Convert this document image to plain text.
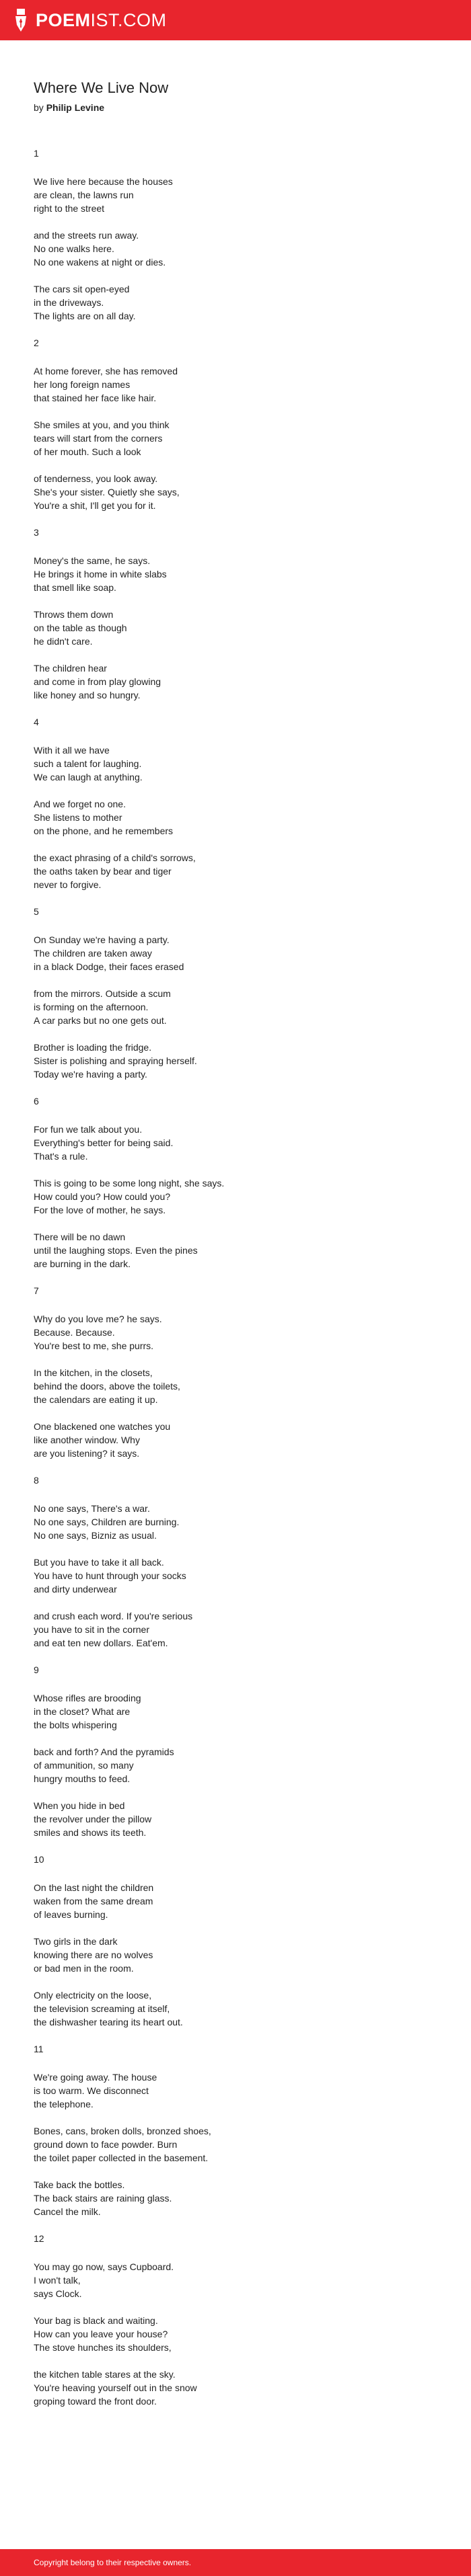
POEMIST.COM
Where We Live Now

by Philip Levine

1
We live here because the houses
are clean, the lawns run
right to the street
and the streets run away.
No one walks here.
No one wakens at night or dies.
The cars sit open-eyed
in the driveways.
The lights are on all day.
2
At home forever, she has removed
her long foreign names
that stained her face like hair.
She smiles at you, and you think
tears will start from the corners
of her mouth. Such a look
of tenderness, you look away.
She's your sister. Quietly she says,
You're a shit, I'll get you for it.
3
Money's the same, he says.
He brings it home in white slabs
that smell like soap.
Throws them down
on the table as though
he didn't care.
The children hear
and come in from play glowing
like honey and so hungry.
4
With it all we have
such a talent for laughing.
We can laugh at anything.
And we forget no one.
She listens to mother
on the phone, and he remembers
the exact phrasing of a child's sorrows,
the oaths taken by bear and tiger
never to forgive.
5
On Sunday we're having a party.
The children are taken away
in a black Dodge, their faces erased
from the mirrors. Outside a scum
is forming on the afternoon.
A car parks but no one gets out.
Brother is loading the fridge.
Sister is polishing and spraying herself.
Today we're having a party.
6
For fun we talk about you.
Everything's better for being said.
That's a rule.
This is going to be some long night, she says.
How could you? How could you?
For the love of mother, he says.
There will be no dawn
until the laughing stops. Even the pines
are burning in the dark.
7
Why do you love me? he says.
Because. Because.
You're best to me, she purrs.
In the kitchen, in the closets,
behind the doors, above the toilets,
the calendars are eating it up.
One blackened one watches you
like another window. Why
are you listening? it says.
8
No one says, There's a war.
No one says, Children are burning.
No one says, Bizniz as usual.
But you have to take it all back.
You have to hunt through your socks
and dirty underwear
and crush each word. If you're serious
you have to sit in the corner
and eat ten new dollars. Eat'em.
9
Whose rifles are brooding
in the closet? What are
the bolts whispering
back and forth? And the pyramids
of ammunition, so many
hungry mouths to feed.
When you hide in bed
the revolver under the pillow
smiles and shows its teeth.
10
On the last night the children
waken from the same dream
of leaves burning.
Two girls in the dark
knowing there are no wolves
or bad men in the room.
Only electricity on the loose,
the television screaming at itself,
the dishwasher tearing its heart out.
11
We're going away. The house
is too warm. We disconnect
the telephone.
Bones, cans, broken dolls, bronzed shoes,
ground down to face powder. Burn
the toilet paper collected in the basement.
Take back the bottles.
The back stairs are raining glass.
Cancel the milk.
12
You may go now, says Cupboard.
I won't talk,
says Clock.
Your bag is black and waiting.
How can you leave your house?
The stove hunches its shoulders,
the kitchen table stares at the sky.
You're heaving yourself out in the snow
groping toward the front door.
Copyright belong to their respective owners.
